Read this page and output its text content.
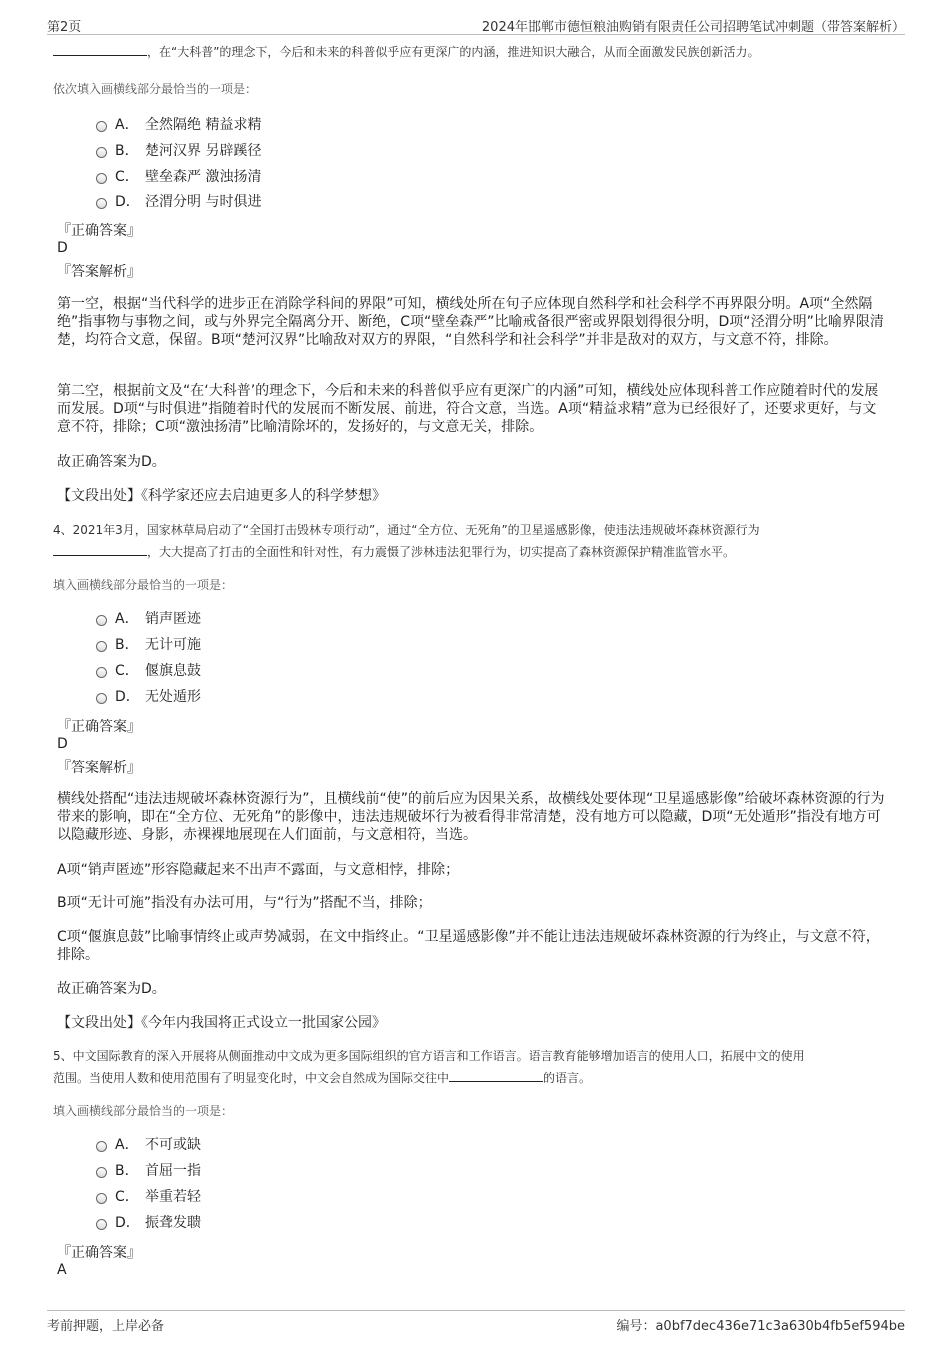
第2页	2024年邯郸市德恒粮油购销有限责任公司招聘笔试冲刺题（带答案解析）
，在“大科普”的理念下，今后和未来的科普似乎应有更深广的内涵，推进知识大融合，从而全面激发民族创新活力。
依次填入画横线部分最恰当的一项是：
A． 全然隔绝 精益求精
B． 楚河汉界 另辟蹊径
C． 壁垒森严 激浊扬清
D． 泾渭分明 与时俱进
『正确答案』
D
『答案解析』
第一空，根据“当代科学的进步正在消除学科间的界限”可知，横线处所在句子应体现自然科学和社会科学不再界限分明。A项“全然隔绝”指事物与事物之间，或与外界完全隔离分开、断绝，C项“壁垒森严”比喻戒备很严密或界限划得很分明，D项“泾渭分明”比喻界限清楚，均符合文意，保留。B项“楚河汉界”比喻敌对双方的界限，“自然科学和社会科学”并非是敌对的双方，与文意不符，排除。
第二空，根据前文及“在‘大科普’的理念下，今后和未来的科普似乎应有更深广的内涵”可知，横线处应体现科普工作应随着时代的发展而发展。D项“与时俱进”指随着时代的发展而不断发展、前进，符合文意，当选。A项“精益求精”意为已经很好了，还要求更好，与文意不符，排除；C项“激浊扬清”比喻清除坏的，发扬好的，与文意无关，排除。
故正确答案为D。
【文段出处】《科学家还应去启迪更多人的科学梦想》
4、2021年3月，国家林草局启动了“全国打击毁林专项行动”，通过“全方位、无死角”的卫星遥感影像，使违法违规破坏森林资源行为
，大大提高了打击的全面性和针对性，有力震慑了涉林违法犯罪行为，切实提高了森林资源保护精准监管水平。
填入画横线部分最恰当的一项是：
A． 销声匿迹
B． 无计可施
C． 偃旗息鼓
D． 无处遁形
『正确答案』
D
『答案解析』
横线处搭配“违法违规破坏森林资源行为”，且横线前“使”的前后应为因果关系，故横线处要体现“卫星遥感影像”给破坏森林资源的行为带来的影响，即在“全方位、无死角”的影像中，违法违规破坏行为被看得非常清楚，没有地方可以隐藏，D项“无处遁形”指没有地方可以隐藏形迹、身影，赤裸裸地展现在人们面前，与文意相符，当选。
A项“销声匿迹”形容隐藏起来不出声不露面，与文意相悖，排除；
B项“无计可施”指没有办法可用，与“行为”搭配不当，排除；
C项“偃旗息鼓”比喻事情终止或声势减弱，在文中指终止。“卫星遥感影像”并不能让违法违规破坏森林资源的行为终止，与文意不符，排除。
故正确答案为D。
【文段出处】《今年内我国将正式设立一批国家公园》
5、中文国际教育的深入开展将从侧面推动中文成为更多国际组织的官方语言和工作语言。语言教育能够增加语言的使用人口，拓展中文的使用
范围。当使用人数和使用范围有了明显变化时，中文会自然成为国际交往中	的语言。
填入画横线部分最恰当的一项是：
A． 不可或缺
B． 首屈一指
C． 举重若轻
D． 振聋发聩
『正确答案』
A
考前押题，上岸必备	编号：a0bf7dec436e71c3a630b4fb5ef594be
